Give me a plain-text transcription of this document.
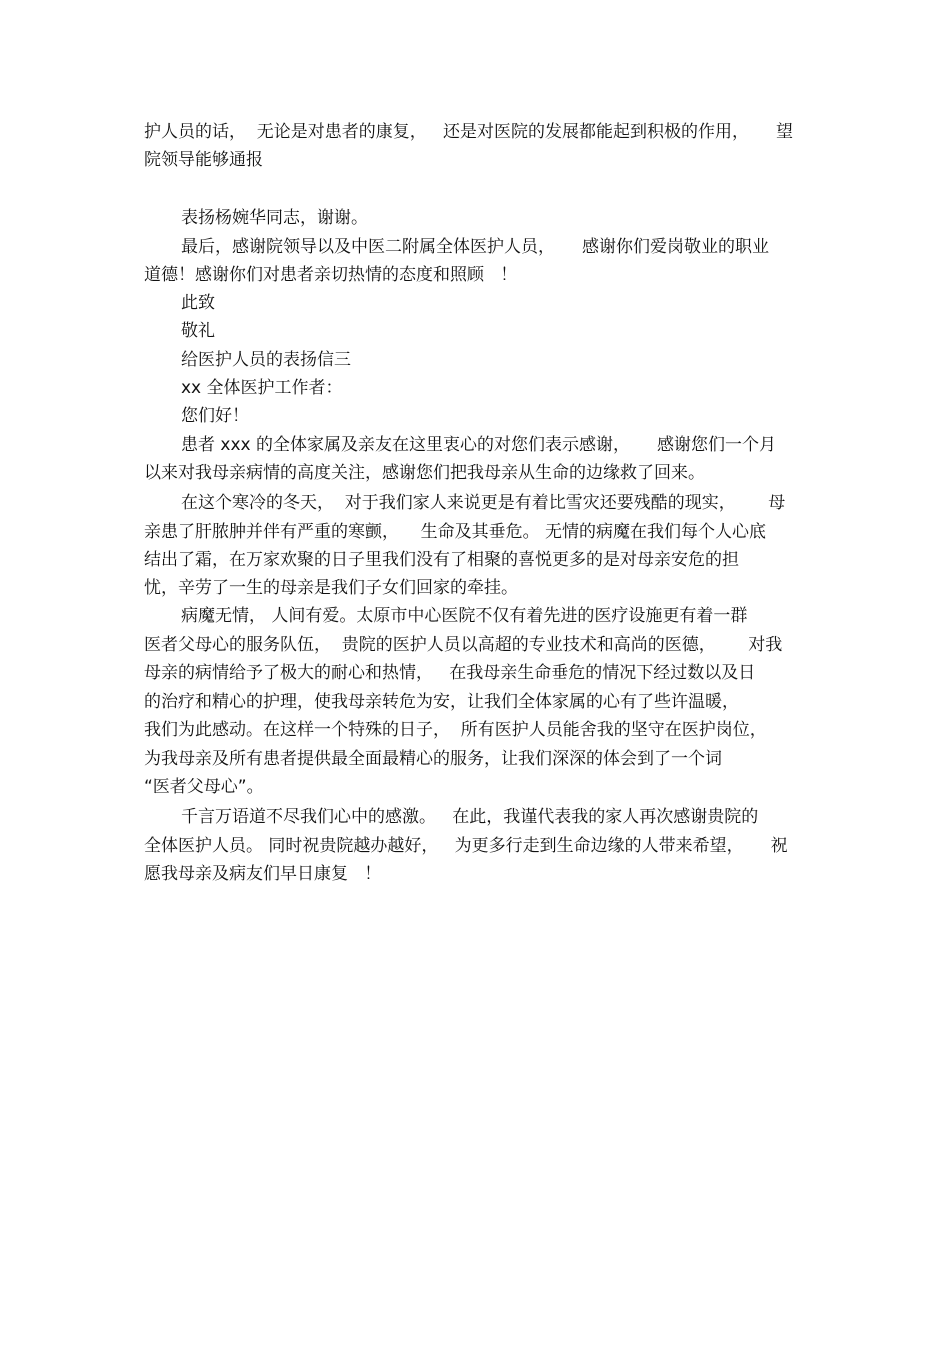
护人员的话，  无论是对患者的康复，   还是对医院的发展都能起到积极的作用，     望
院领导能够通报
表扬杨婉华同志，谢谢。
最后，感谢院领导以及中医二附属全体医护人员，     感谢你们爱岗敬业的职业
道德！感谢你们对患者亲切热情的态度和照顾   ！
此致
敬礼
给医护人员的表扬信三
xx 全体医护工作者：
您们好！
患者 xxx 的全体家属及亲友在这里衷心的对您们表示感谢，     感谢您们一个月
以来对我母亲病情的高度关注，感谢您们把我母亲从生命的边缘救了回来。
在这个寒冷的冬天，  对于我们家人来说更是有着比雪灾还要残酷的现实，      母
亲患了肝脓肿并伴有严重的寒颤，    生命及其垂危。 无情的病魔在我们每个人心底
结出了霜，在万家欢聚的日子里我们没有了相聚的喜悦更多的是对母亲安危的担
忧，辛劳了一生的母亲是我们子女们回家的牵挂。
病魔无情， 人间有爱。太原市中心医院不仅有着先进的医疗设施更有着一群
医者父母心的服务队伍，  贵院的医护人员以高超的专业技术和高尚的医德，      对我
母亲的病情给予了极大的耐心和热情，   在我母亲生命垂危的情况下经过数以及日
的治疗和精心的护理，使我母亲转危为安，让我们全体家属的心有了些许温暖，
我们为此感动。在这样一个特殊的日子，  所有医护人员能舍我的坚守在医护岗位，
为我母亲及所有患者提供最全面最精心的服务，让我们深深的体会到了一个词
“医者父母心”。
千言万语道不尽我们心中的感激。   在此，我谨代表我的家人再次感谢贵院的
全体医护人员。 同时祝贵院越办越好，   为更多行走到生命边缘的人带来希望，     祝
愿我母亲及病友们早日康复   ！
